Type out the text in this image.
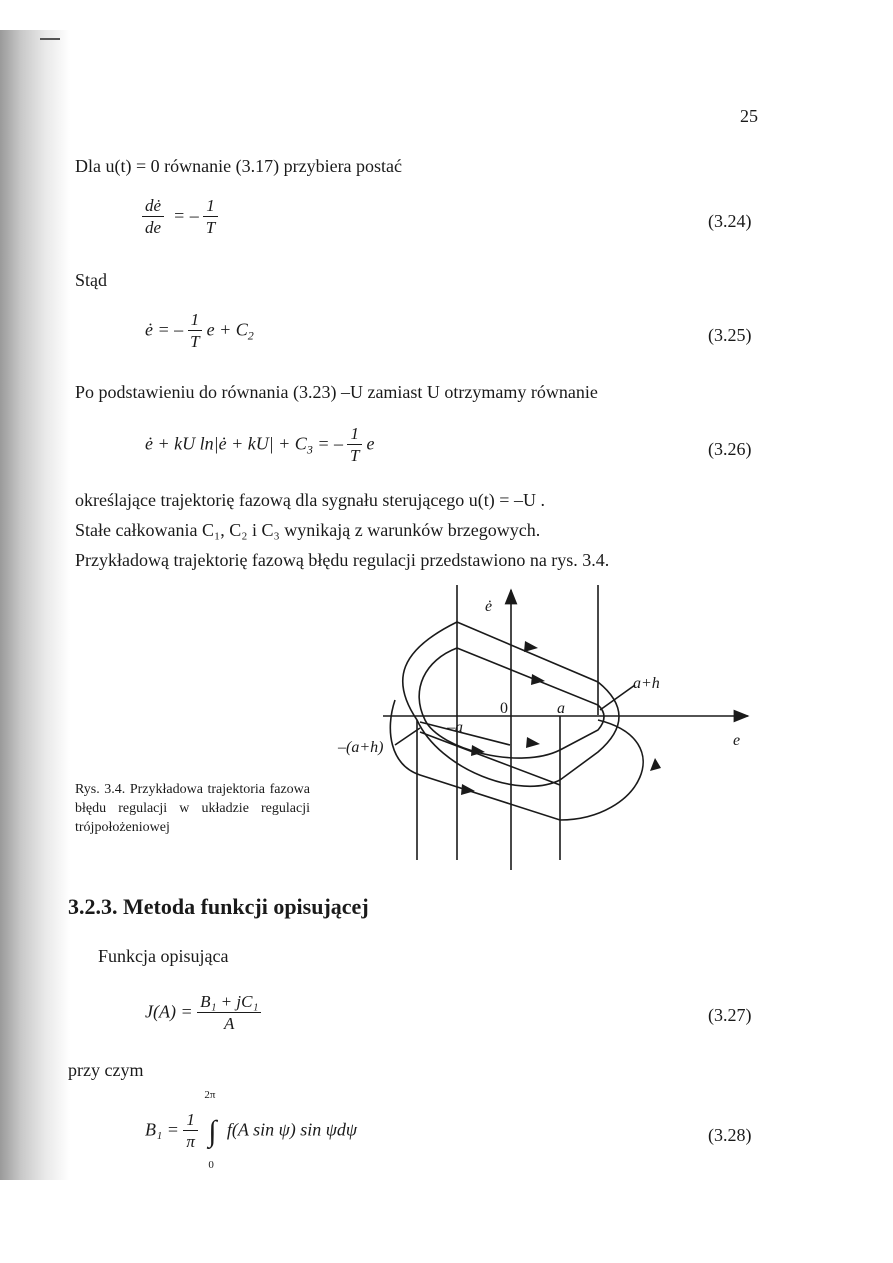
25
Dla u(t) = 0 równanie (3.17) przybiera postać
$\frac{dė}{de}$ = – $\frac{1}{T}$	(3.24)
Stąd
ė = – $\frac{1}{T}$ $e + C_2$	(3.25)
Po podstawieniu do równania (3.23) –U zamiast U otrzymamy równanie
ė + kU ln|ė + $kU| + C_3$ = – $\frac{1}{T}$ e	(3.26)
określające trajektorię fazową dla sygnału sterującego u(t) = –U .
Stałe całkowania C₁, C₂ i C₃ wynikają z warunków brzegowych.
Przykładową trajektorię fazową błędu regulacji przedstawiono na rys. 3.4.
ė
e
0	a
–a
a+h
–(a+h)
Rys. 3.4. Przykładowa trajektoria fazowa błędu regulacji w układzie regulacji trójpołożeniowej
3.2.3. Metoda funkcji opisującej
Funkcja opisująca
$J(A) = \frac{\text{B₁ + jC₁}}{A}$	(3.27)
przy czym
$B_1 = \frac{1}{\pi}$

2π
∫
0
f(A sin ψ) sin ψdψ	(3.28)
